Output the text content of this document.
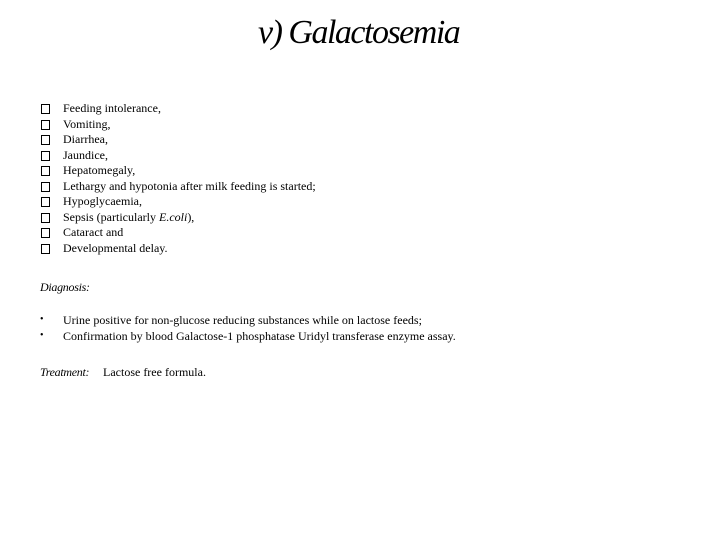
v) Galactosemia
Feeding intolerance,
Vomiting,
Diarrhea,
Jaundice,
Hepatomegaly,
Lethargy and hypotonia after milk feeding is started;
Hypoglycaemia,
Sepsis (particularly E.coli),
Cataract and
Developmental delay.
Diagnosis:
• Urine positive for non-glucose reducing substances while on lactose feeds;
• Confirmation by blood Galactose-1 phosphatase Uridyl transferase enzyme assay.
Treatment: Lactose free formula.
